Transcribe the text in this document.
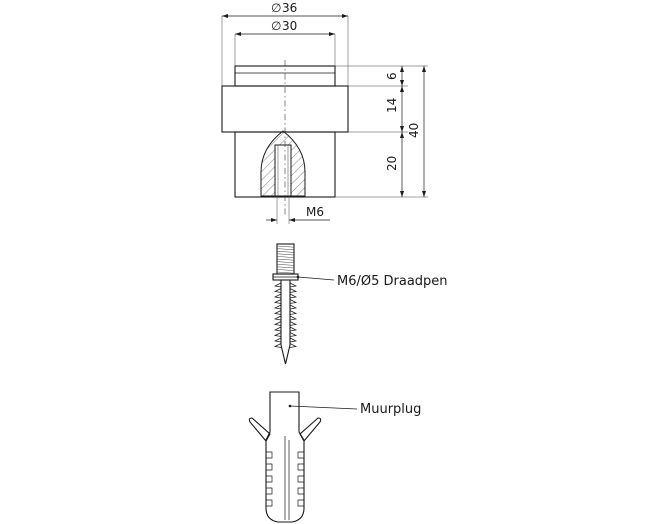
∅ 36
∅ 30
6
14
20
40
M6
M6/Ø5 Draadpen
Muurplug
